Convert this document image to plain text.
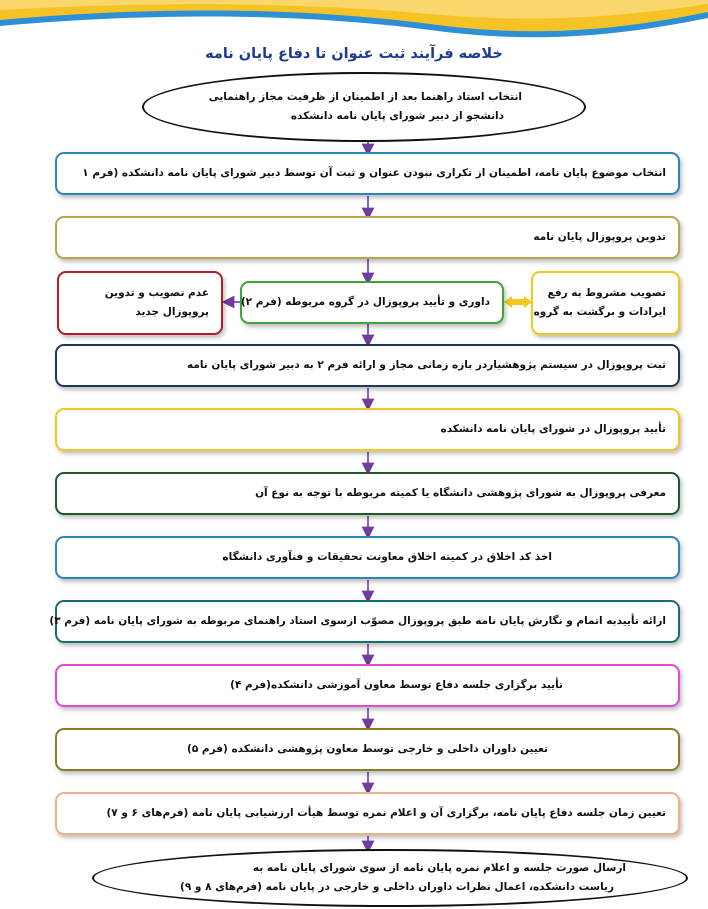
خلاصه فرآیند ثبت عنوان تا دفاع پایان نامه
انتخاب استاد راهنما بعد از اطمینان از ظرفیت مجاز راهنمایی
دانشجو از دبیر شورای پایان نامه دانشکده
انتخاب موضوع پایان نامه، اطمینان از تکراری نبودن عنوان و ثبت آن توسط دبیر شورای پایان نامه دانشکده (فرم ۱
تدوین پروپوزال پایان نامه
داوری و تأیید پروپوزال در گروه مربوطه (فرم ۲)
عدم تصویب و تدوین
پروپوزال جدید
تصویب مشروط به رفع
ایرادات و برگشت به گروه
ثبت پروپوزال در سیستم پژوهشیاردر بازه زمانی مجاز و ارائه فرم ۲ به دبیر شورای پایان نامه
تأیید پروپوزال در شورای پایان نامه دانشکده
معرفی پروپوزال به شورای پژوهشی دانشگاه یا کمیته مربوطه با توجه به نوع آن
اخذ کد اخلاق در کمیته اخلاق معاونت تحقیقات و فنآوری دانشگاه
ارائه تأییدبه اتمام و نگارش پایان نامه طبق پروپوزال مصوّب ازسوی استاد راهنمای مربوطه به شورای پایان نامه (فرم ۳)
تأیید برگزاری جلسه دفاع توسط معاون آموزشی دانشکده(فرم ۴)
تعیین داوران داخلی و خارجی توسط معاون پژوهشی دانشکده (فرم ۵)
تعیین زمان جلسه دفاع پایان نامه، برگزاری آن و اعلام نمره توسط هیأت ارزشیابی پایان نامه (فرم‌های ۶ و ۷)
ارسال صورت جلسه و اعلام نمره پایان نامه از سوی شورای پایان نامه به
ریاست دانشکده، اعمال نظرات داوران داخلی و خارجی در پایان نامه (فرم‌های ۸ و ۹)
